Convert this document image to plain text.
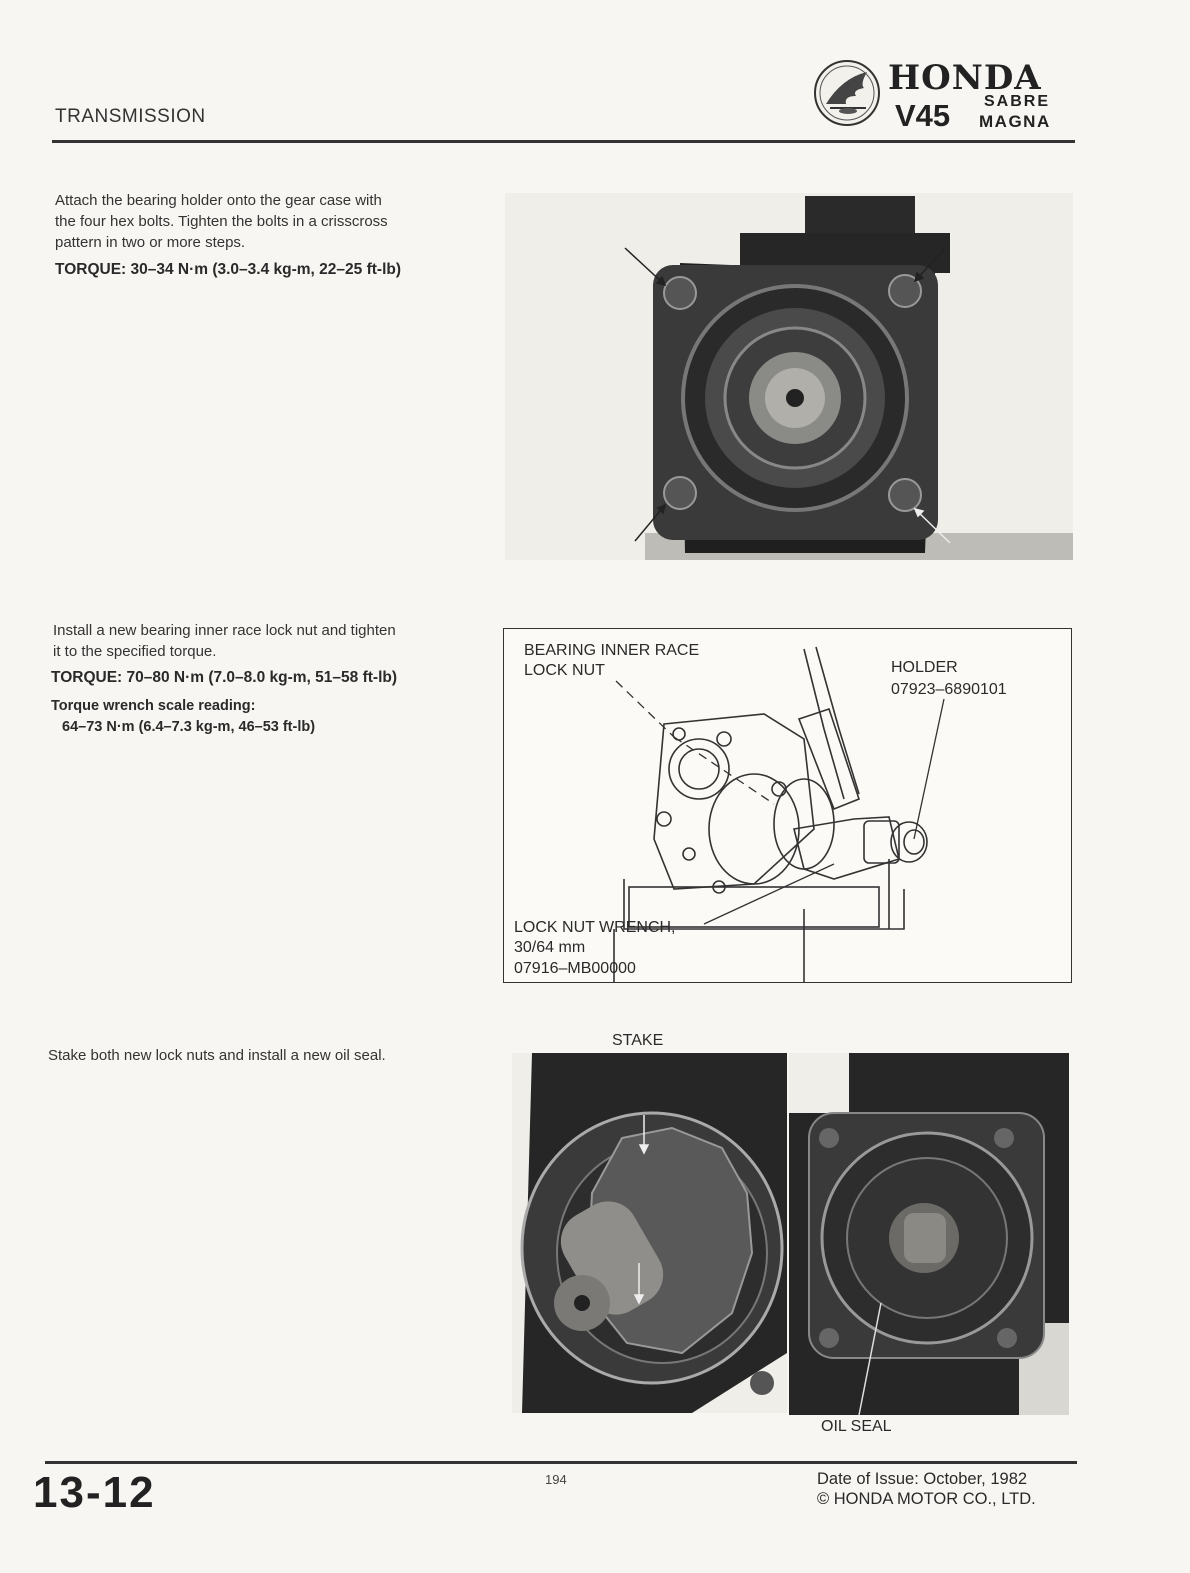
TRANSMISSION
HONDA
V45 SABRE
MAGNA
Attach the bearing holder onto the gear case with
the four hex bolts. Tighten the bolts in a crisscross
pattern in two or more steps.
TORQUE: 30–34 N·m (3.0–3.4 kg-m, 22–25 ft-lb)
Install a new bearing inner race lock nut and tighten
it to the specified torque.
TORQUE: 70–80 N·m (7.0–8.0 kg-m, 51–58 ft-lb)
Torque wrench scale reading:
64–73 N·m (6.4–7.3 kg-m, 46–53 ft-lb)
BEARING INNER RACE
LOCK NUT	HOLDER
07923–6890101
LOCK NUT WRENCH,
30/64 mm
07916–MB00000
Stake both new lock nuts and install a new oil seal.
STAKE
OIL SEAL
13-12	194	Date of Issue: October, 1982
© HONDA MOTOR CO., LTD.
